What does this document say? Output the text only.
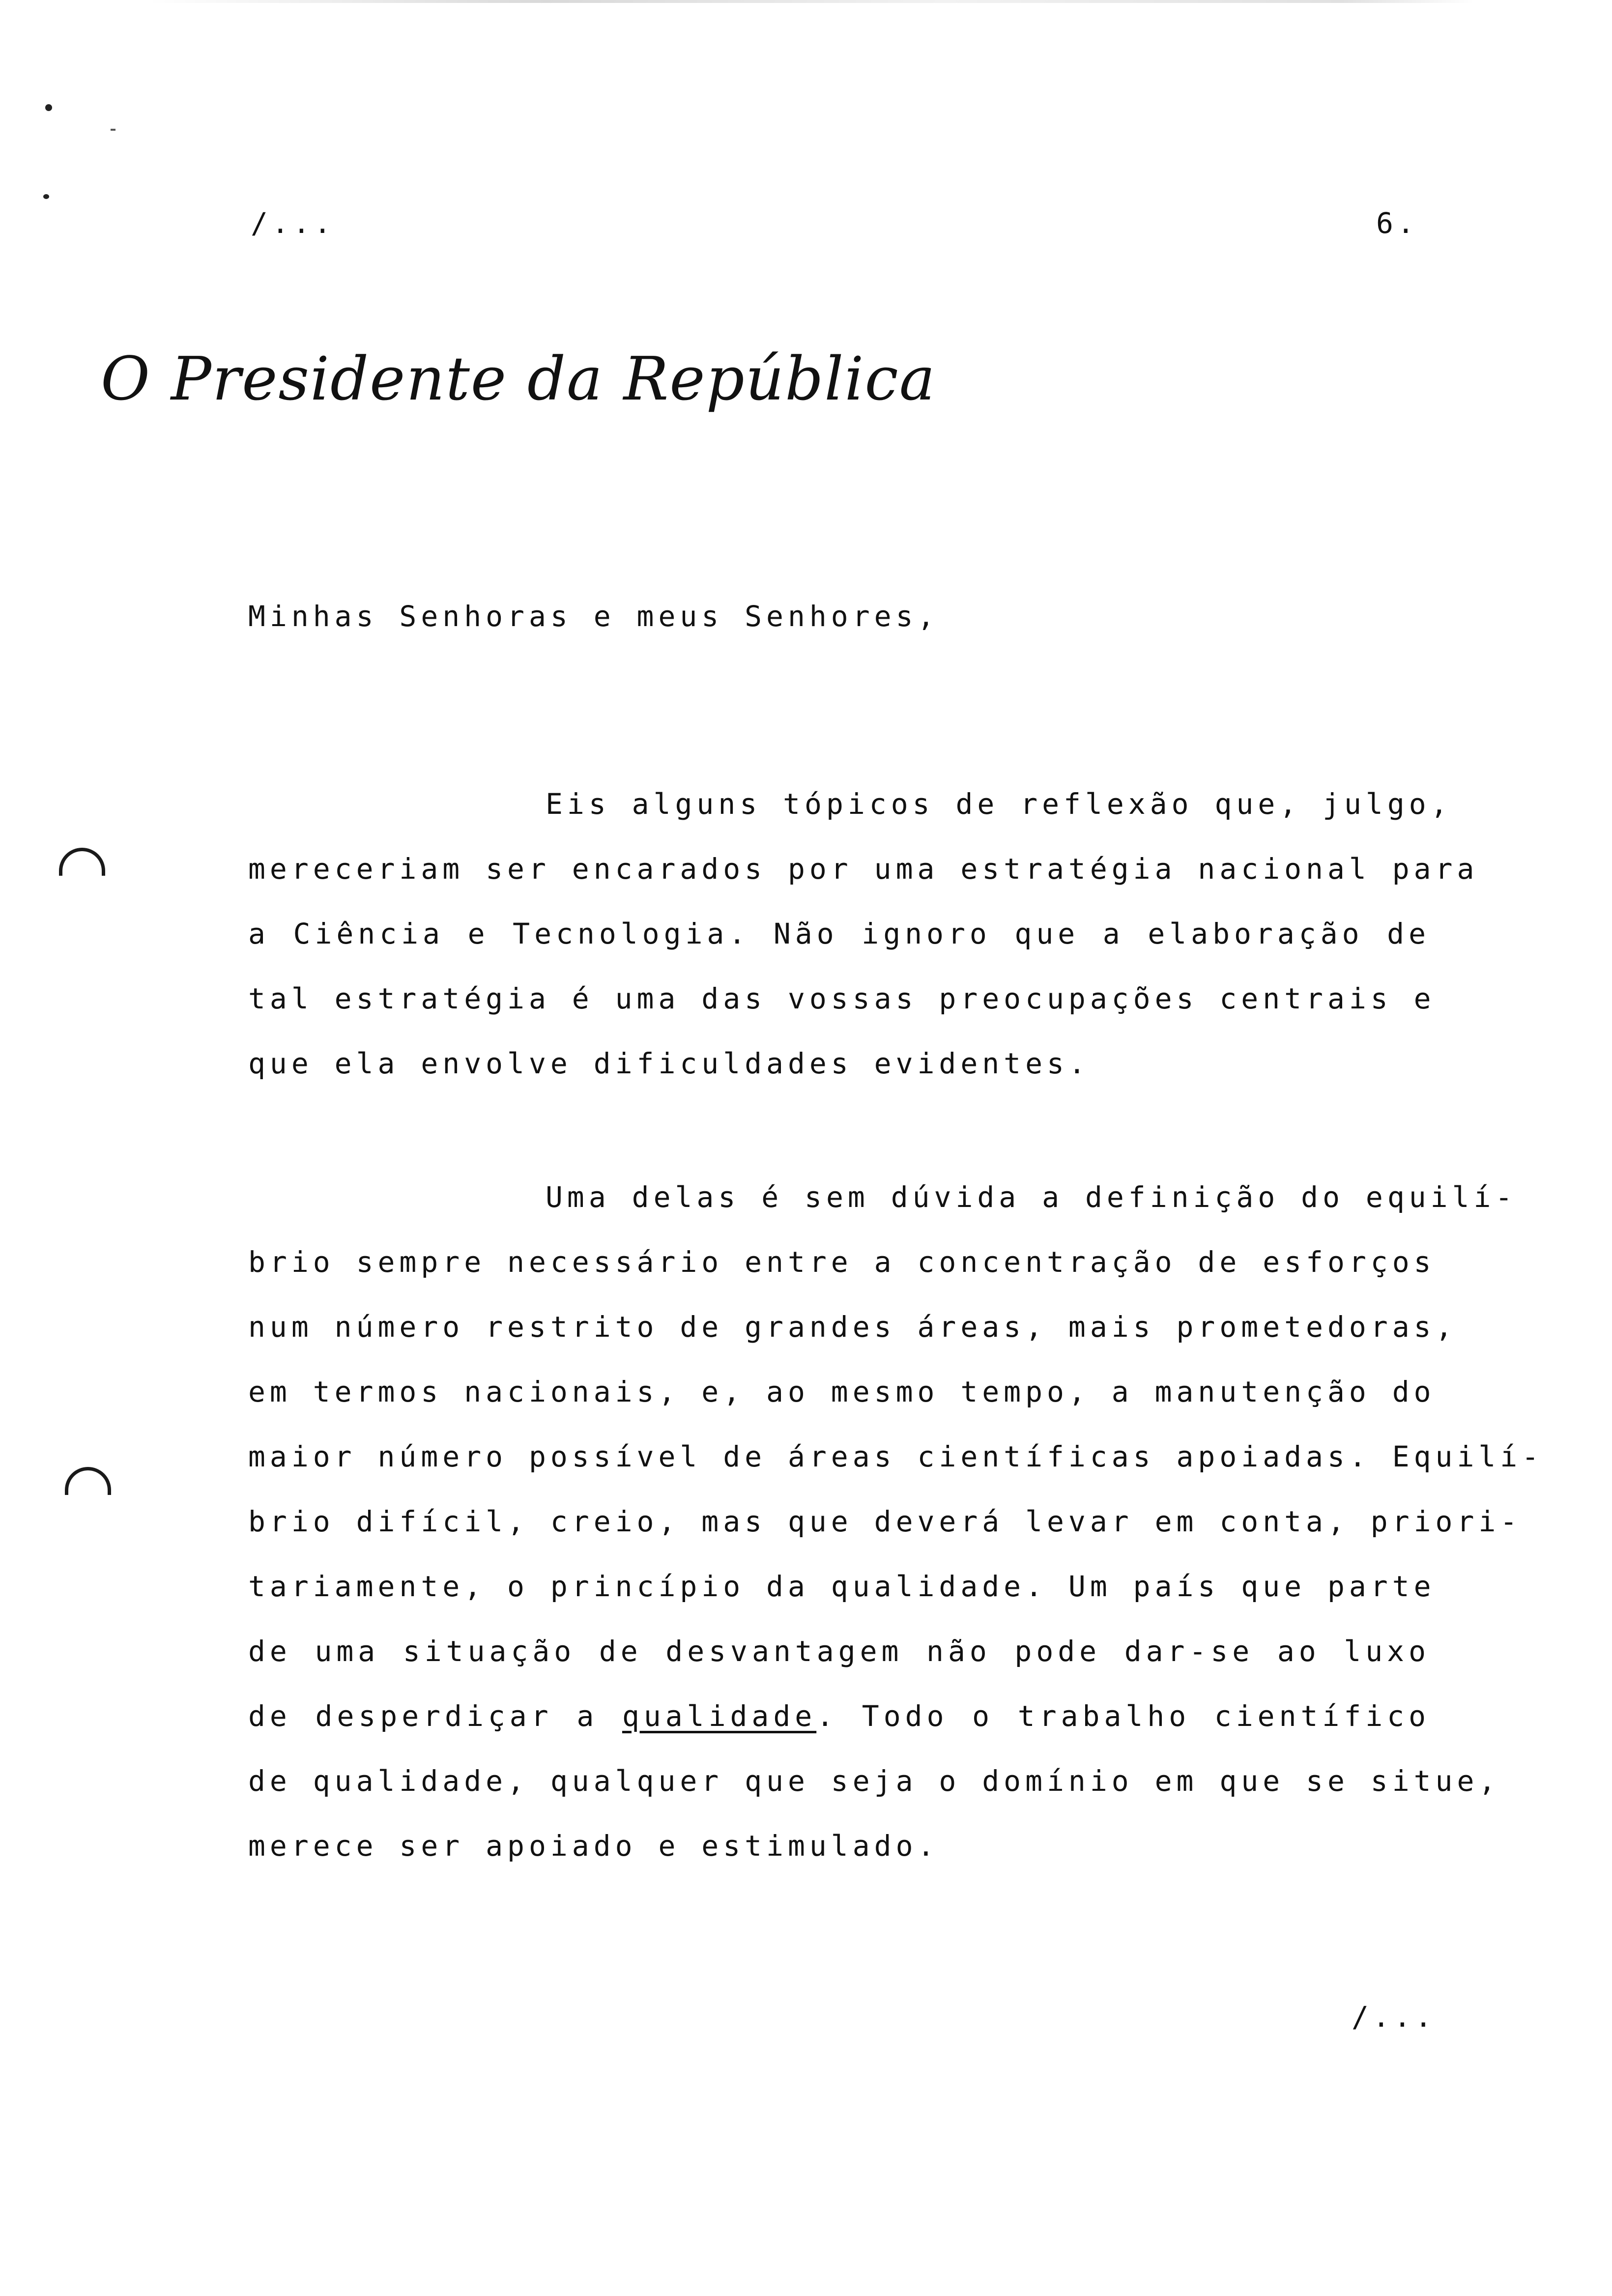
/...	6.
O Presidente da República
Minhas Senhoras e meus Senhores,
Eis alguns tópicos de reflexão que, julgo,
mereceriam ser encarados por uma estratégia nacional para
a Ciência e Tecnologia. Não ignoro que a elaboração de
tal estratégia é uma das vossas preocupações centrais e
que ela envolve dificuldades evidentes.
Uma delas é sem dúvida a definição do equilí-
brio sempre necessário entre a concentração de esforços
num número restrito de grandes áreas, mais prometedoras,
em termos nacionais, e, ao mesmo tempo, a manutenção do
maior número possível de áreas científicas apoiadas. Equilí-
brio difícil, creio, mas que deverá levar em conta, priori-
tariamente, o princípio da qualidade. Um país que parte
de uma situação de desvantagem não pode dar-se ao luxo
de desperdiçar a qualidade. Todo o trabalho científico
de qualidade, qualquer que seja o domínio em que se situe,
merece ser apoiado e estimulado.
/...
